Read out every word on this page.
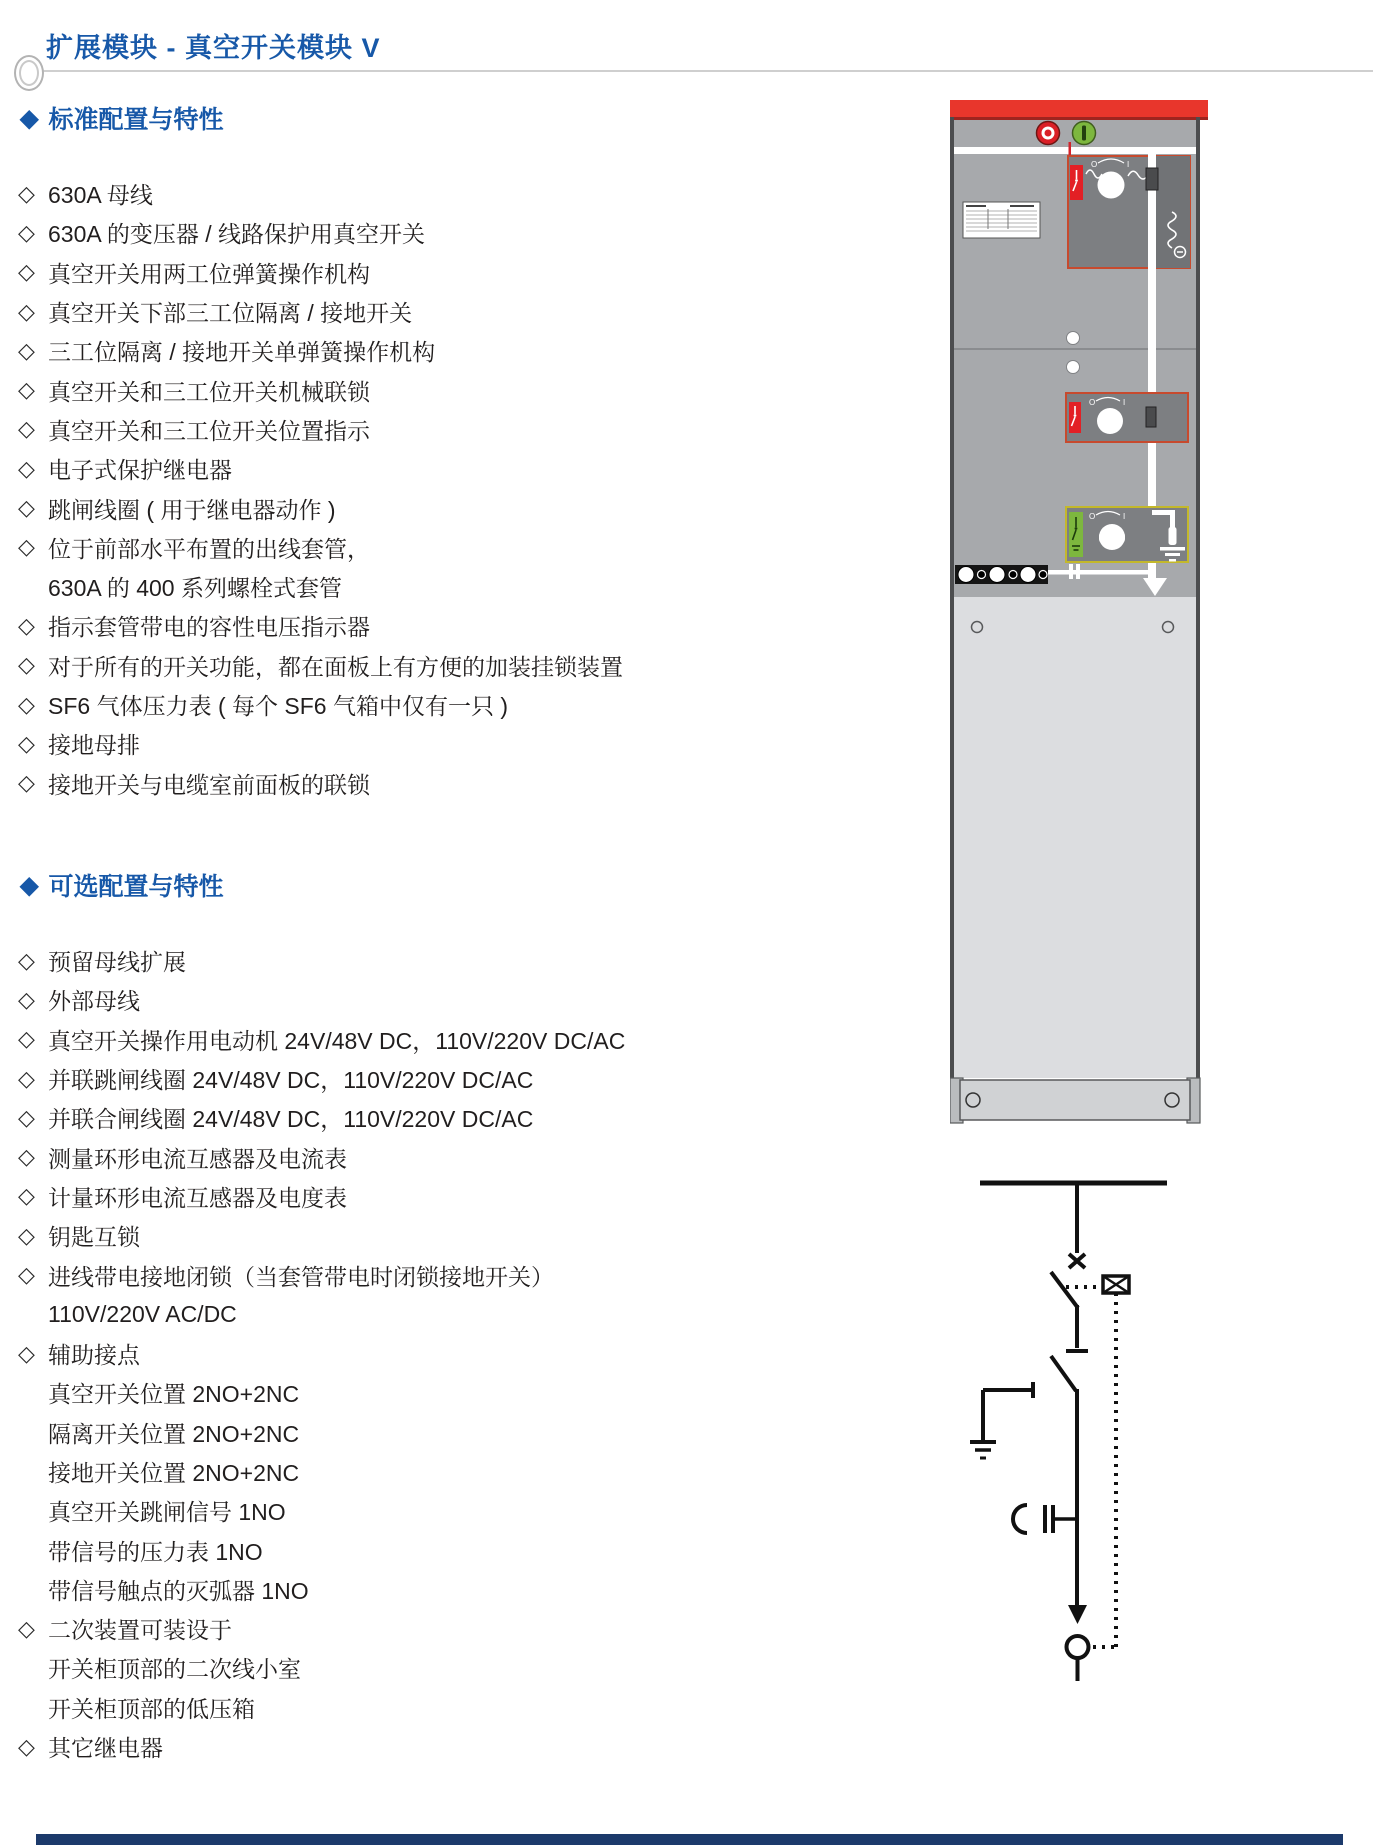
扩展模块 - 真空开关模块 V
◆ 标准配置与特性
◇ 630A 母线
◇ 630A 的变压器 / 线路保护用真空开关
◇ 真空开关用两工位弹簧操作机构
◇ 真空开关下部三工位隔离 / 接地开关
◇ 三工位隔离 / 接地开关单弹簧操作机构
◇ 真空开关和三工位开关机械联锁
◇ 真空开关和三工位开关位置指示
◇ 电子式保护继电器
◇ 跳闸线圈 ( 用于继电器动作 )
◇ 位于前部水平布置的出线套管，
630A 的 400 系列螺栓式套管
◇ 指示套管带电的容性电压指示器
◇ 对于所有的开关功能，都在面板上有方便的加装挂锁装置
◇ SF6 气体压力表 ( 每个 SF6 气箱中仅有一只 )
◇ 接地母排
◇ 接地开关与电缆室前面板的联锁
◆ 可选配置与特性
◇ 预留母线扩展
◇ 外部母线
◇ 真空开关操作用电动机 24V/48V DC，110V/220V DC/AC
◇ 并联跳闸线圈 24V/48V DC，110V/220V DC/AC
◇ 并联合闸线圈 24V/48V DC，110V/220V DC/AC
◇ 测量环形电流互感器及电流表
◇ 计量环形电流互感器及电度表
◇ 钥匙互锁
◇ 进线带电接地闭锁（当套管带电时闭锁接地开关）
110V/220V AC/DC
◇ 辅助接点
真空开关位置 2NO+2NC
隔离开关位置 2NO+2NC
接地开关位置 2NO+2NC
真空开关跳闸信号 1NO
带信号的压力表 1NO
带信号触点的灭弧器 1NO
◇ 二次装置可装设于
开关柜顶部的二次线小室
开关柜顶部的低压箱
◇ 其它继电器
O	I
O	I
O	I
